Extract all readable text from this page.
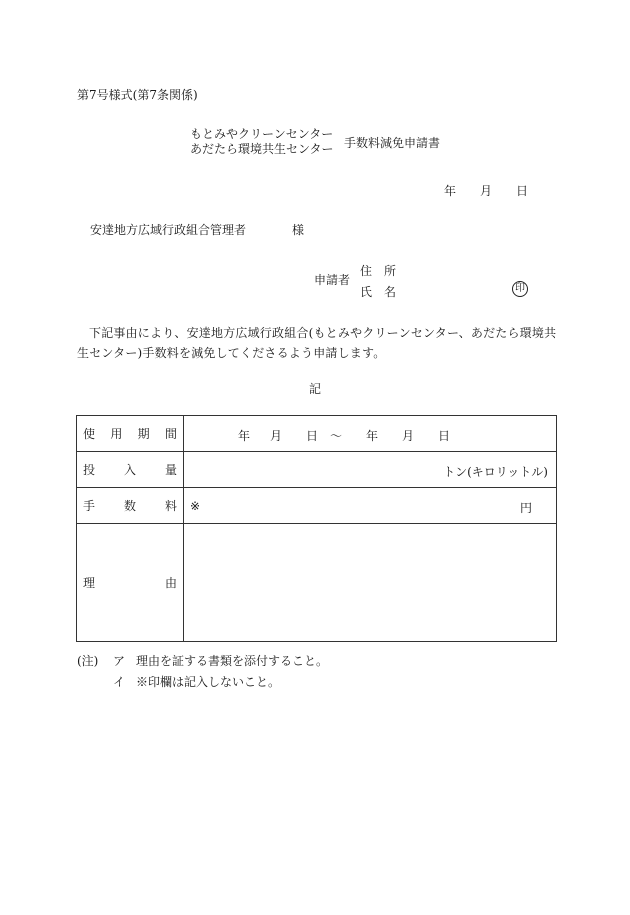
第7号様式(第7条関係)
もとみやクリーンセンター
あだたら環境共生センター 手数料減免申請書
年 月 日
安達地方広域行政組合管理者	様
申請者
住　所
氏　名	印
下記事由により、安達地方広域行政組合(もとみやクリーンセンター、あだたら環境共生センター)手数料を減免してくださるよう申請します。
記
使 用 期 間	年 月 日 〜 年 月 日

投 入 量	トン(キロリットル)

手 数 料	※ 円

理 由	

(注) ア 理由を証する書類を添付すること。
イ ※印欄は記入しないこと。
